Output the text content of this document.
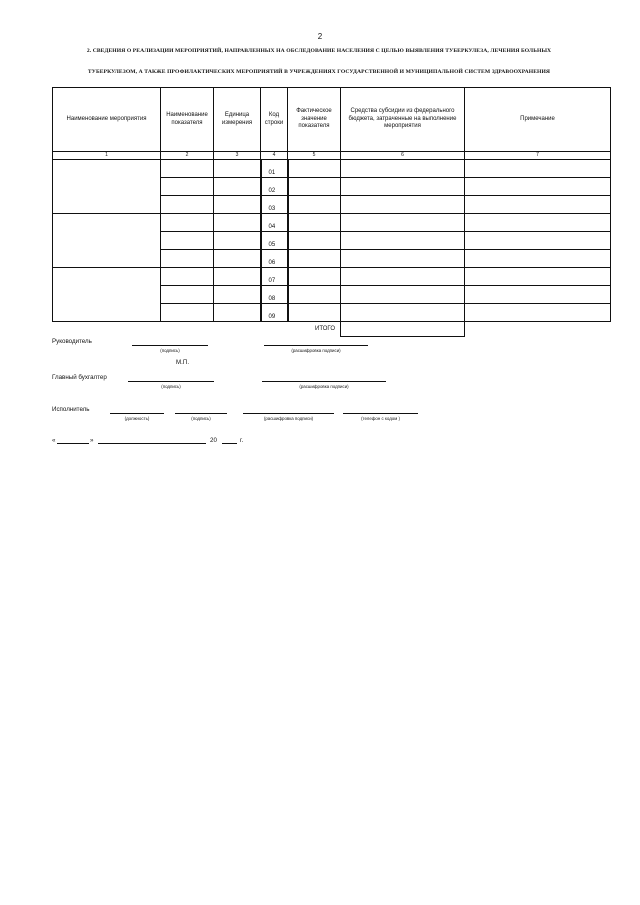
2
2. СВЕДЕНИЯ О РЕАЛИЗАЦИИ МЕРОПРИЯТИЙ, НАПРАВЛЕННЫХ НА ОБСЛЕДОВАНИЕ НАСЕЛЕНИЯ С ЦЕЛЬЮ ВЫЯВЛЕНИЯ ТУБЕРКУЛЕЗА, ЛЕЧЕНИЯ БОЛЬНЫХ
ТУБЕРКУЛЕЗОМ, А ТАКЖЕ ПРОФИЛАКТИЧЕСКИХ МЕРОПРИЯТИЙ В УЧРЕЖДЕНИЯХ ГОСУДАРСТВЕННОЙ И МУНИЦИПАЛЬНОЙ СИСТЕМ ЗДРАВООХРАНЕНИЯ
Наименование мероприятия	Наименование показателя	Единица измерения	Код строки	Фактическое значение показателя	Средства субсидии из федерального бюджета, затраченные на выполнение мероприятия	Примечание
1	2	3	4	5	6	7
			01			
			02			
			03			
			04			
			05			
			06			
			07			
			08			
			09			
				ИТОГО		
Руководитель
(подпись)	(расшифровка подписи)
М.П.
Главный бухгалтер
(подпись)	(расшифровка подписи)
Исполнитель
(должность)	(подпись)	(расшифровка подписи)	(телефон с кодом )
«	»	20	г.
